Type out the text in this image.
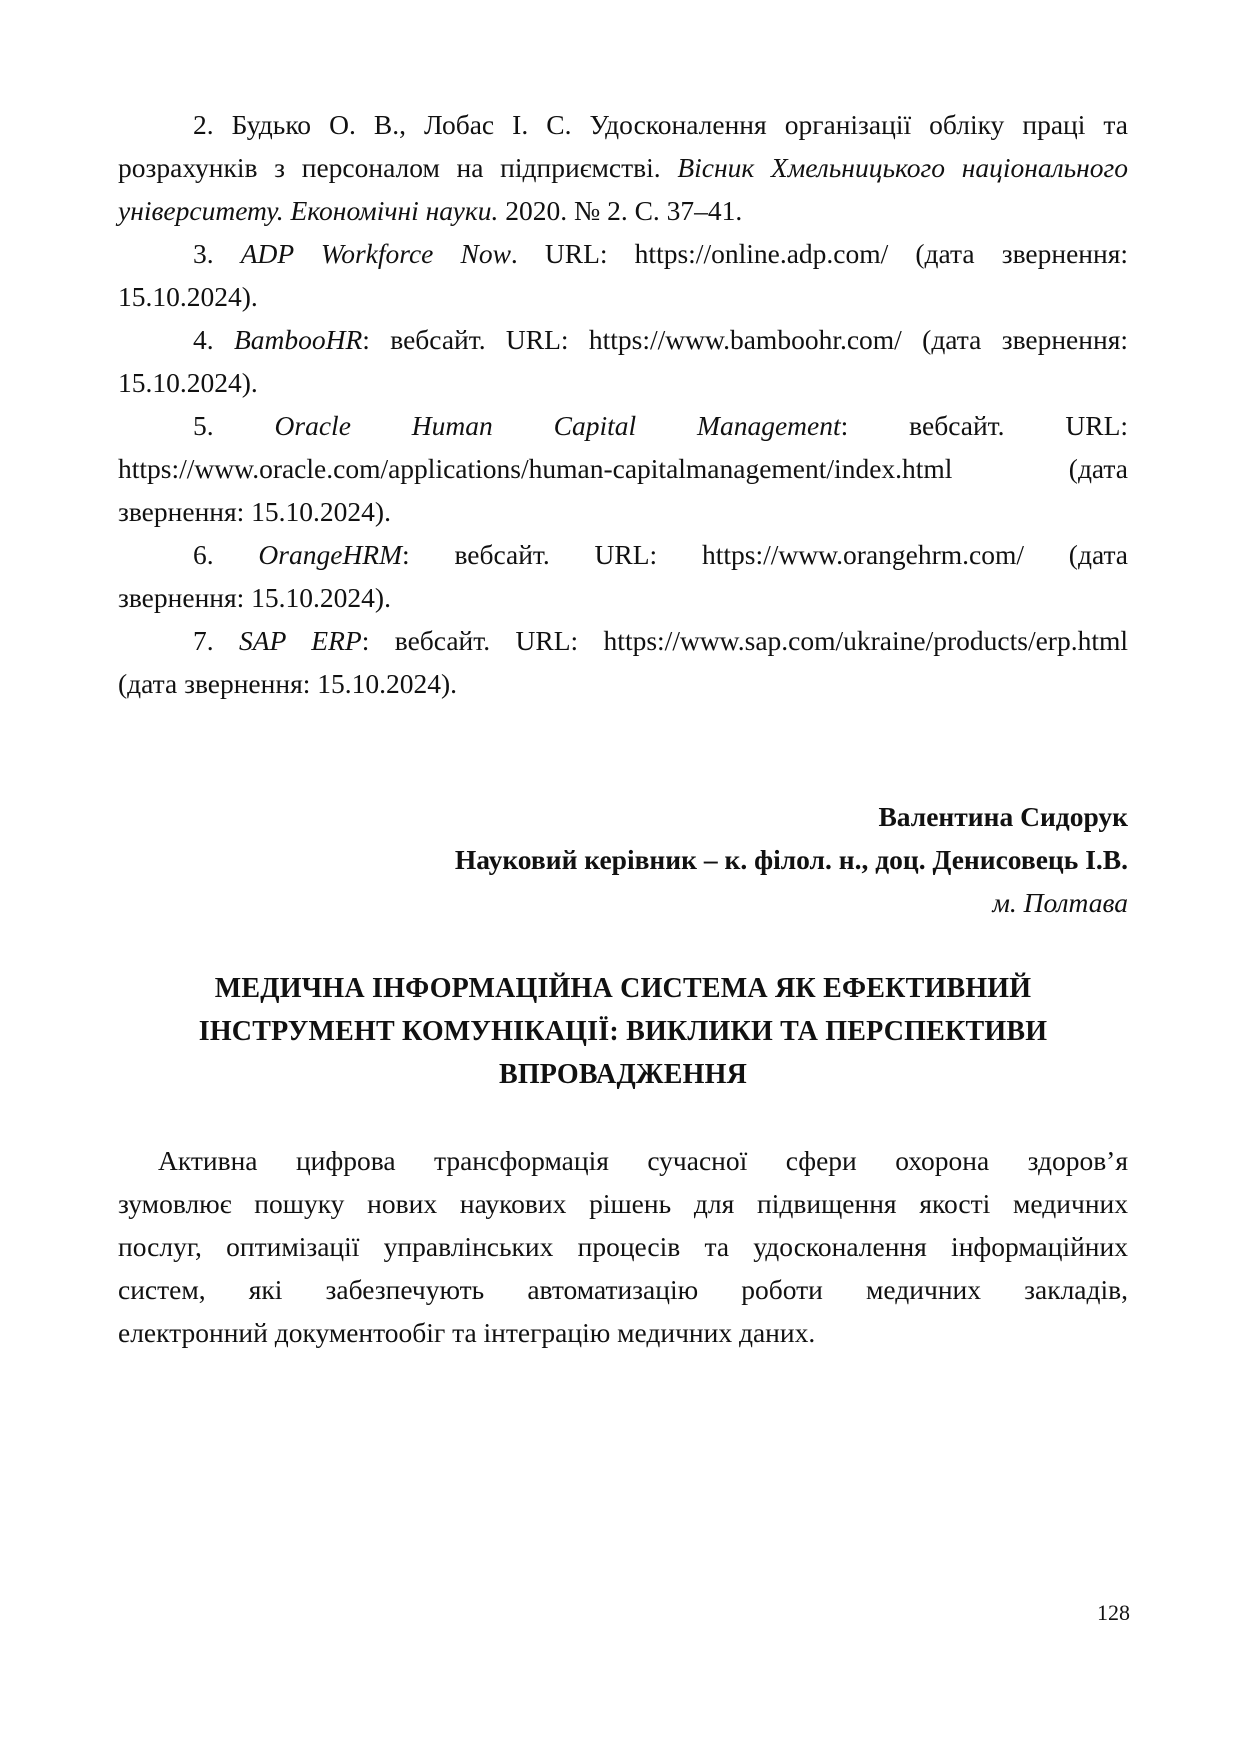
2. Будько О. В., Лобас І. С. Удосконалення організації обліку праці та
розрахунків з персоналом на підприємстві. Вісник Хмельницького національного
університету. Економічні науки. 2020. № 2. С. 37–41.
3. ADP Workforce Now. URL: https://online.adp.com/ (дата звернення:
15.10.2024).
4. BambooHR: вебсайт. URL: https://www.bamboohr.com/ (дата звернення:
15.10.2024).
5. Oracle Human Capital Management: вебсайт. URL:
https://www.oracle.com/applications/human-capitalmanagement/index.html (дата
звернення: 15.10.2024).
6. OrangeHRM: вебсайт. URL: https://www.orangehrm.com/ (дата
звернення: 15.10.2024).
7. SAP ERP: вебсайт. URL: https://www.sap.com/ukraine/products/erp.html
(дата звернення: 15.10.2024).
Валентина Сидорук
Науковий керівник – к. філол. н., доц. Денисовець І.В.
м. Полтава
МЕДИЧНА ІНФОРМАЦІЙНА СИСТЕМА ЯК ЕФЕКТИВНИЙ
ІНСТРУМЕНТ КОМУНІКАЦІЇ: ВИКЛИКИ ТА ПЕРСПЕКТИВИ
ВПРОВАДЖЕННЯ
Активна цифрова трансформація сучасної сфери охорона здоров’я
зумовлює пошуку нових наукових рішень для підвищення якості медичних
послуг, оптимізації управлінських процесів та удосконалення інформаційних
систем, які забезпечують автоматизацію роботи медичних закладів,
електронний документообіг та інтеграцію медичних даних.
128
